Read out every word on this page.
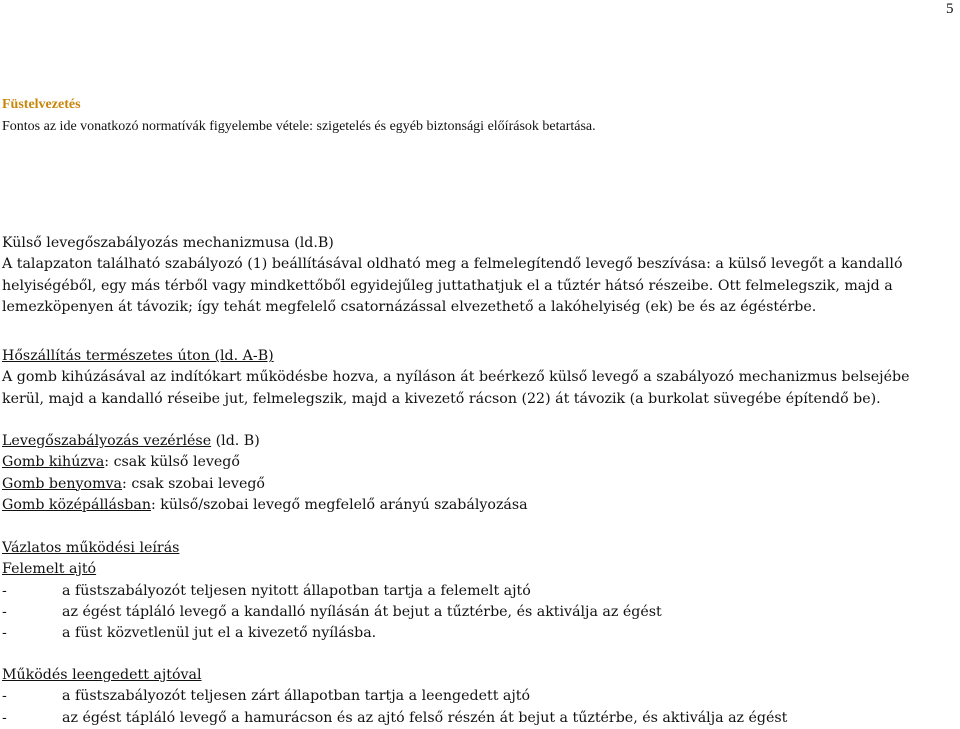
5
Füstelvezetés
Fontos az ide vonatkozó normatívák figyelembe vétele: szigetelés és egyéb biztonsági előírások betartása.

Külső levegőszabályozás mechanizmusa (ld.B)

A talapzaton található szabályozó (1) beállításával oldható meg a felmelegítendő levegő beszívása: a külső levegőt a kandalló helyiségéből, egy más térből vagy mindkettőből egyidejűleg juttathatjuk el a tűztér hátsó részeibe. Ott felmelegszik, majd a lemezköpenyen át távozik; így tehát megfelelő csatornázással elvezethető a lakóhelyiség (ek) be és az égéstérbe.

Hőszállítás természetes úton (ld. A-B)

A gomb kihúzásával az indítókart működésbe hozva, a nyíláson át beérkező külső levegő a szabályozó mechanizmus belsejébe kerül, majd a kandalló réseibe jut, felmelegszik, majd a kivezető rácson (22) át távozik (a burkolat süvegébe építendő be).

Levegőszabályozás vezérlése (ld. B)

Gomb kihúzva: csak külső levegő

Gomb benyomva: csak szobai levegő

Gomb középállásban: külső/szobai levegő megfelelő arányú szabályozása

Vázlatos működési leírás

Felemelt ajtó

-	a füstszabályozót teljesen nyitott állapotban tartja a felemelt ajtó
-	az égést tápláló levegő a kandalló nyílásán át bejut a tűztérbe, és aktiválja az égést
-	a füst közvetlenül jut el a kivezető nyílásba.

Működés leengedett ajtóval

-	a füstszabályozót teljesen zárt állapotban tartja a leengedett ajtó
-	az égést tápláló levegő a hamurácson és az ajtó felső részén át bejut a tűztérbe, és aktiválja az égést
